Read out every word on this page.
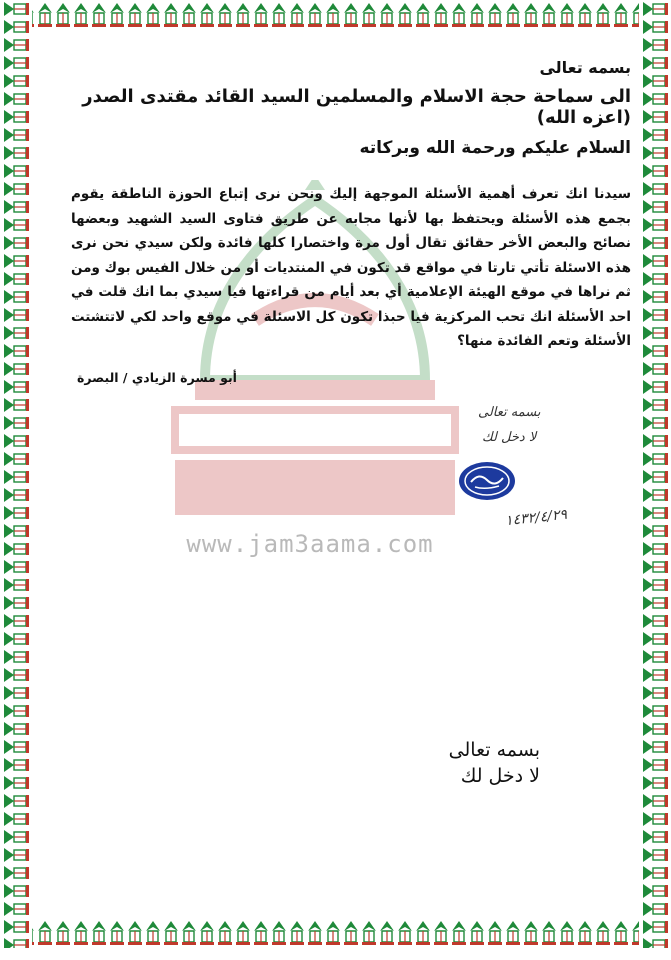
www.jam3aama.com
بسمه تعالى
الى سماحة حجة الاسلام والمسلمين السيد القائد مقتدى الصدر (اعزه الله)
السلام عليكم ورحمة الله وبركاته
سيدنا انك تعرف أهمية الأسئلة الموجهة إليك ونحن نرى إتباع الحوزة الناطقة يقوم بجمع هذه الأسئلة ويحتفظ بها لأنها مجابه عن طريق فتاوى السيد الشهيد وبعضها نصائح والبعض الأخر حقائق تقال أول مرة واختصارا كلها فائدة ولكن سيدي نحن نرى هذه الاسئلة تأتي تارتا في مواقع قد تكون في المنتديات أو من خلال الفيس بوك ومن ثم نراها في موقع الهيئة الإعلامية أي بعد أيام من قراءتها فيا سيدي بما انك قلت في احد الأسئلة انك تحب المركزية فيا حبذا تكون كل الاسئلة في موقع واحد لكي لاتتشتت الأسئلة وتعم الفائدة منها؟
أبو مسرة الزيادي / البصرة
بسمه تعالى
لا دخل لك
١٤٣٢/٤/٢٩
بسمه تعالى
لا دخل لك
